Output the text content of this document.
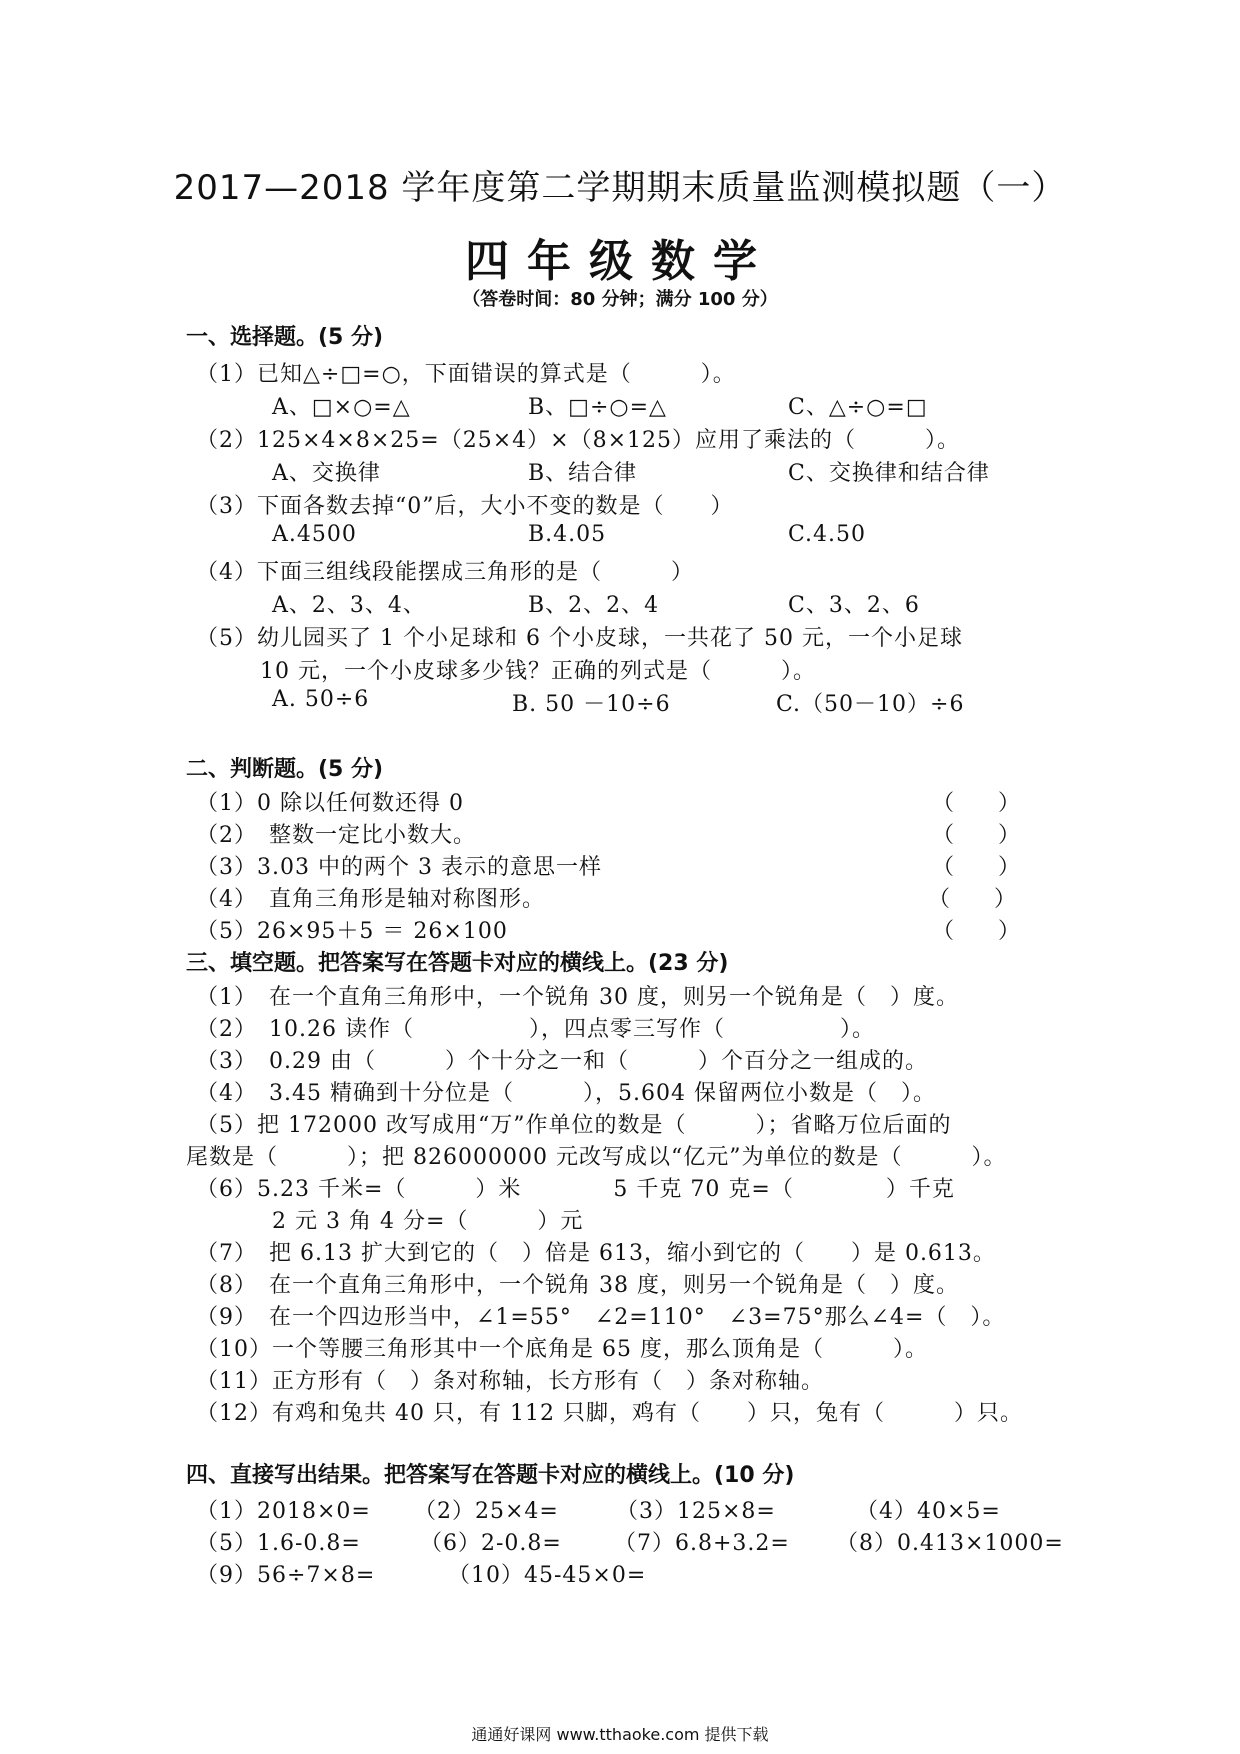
2017—2018 学年度第二学期期末质量监测模拟题（一）
四年级数学
（答卷时间：80 分钟；满分 100 分）
一、选择题。(5 分)
（1）已知△÷□=○，下面错误的算式是（　　　）。
A、□×○=△	B、□÷○=△	C、△÷○=□
（2）125×4×8×25=（25×4）×（8×125）应用了乘法的（　　　）。
A、交换律	B、结合律	C、交换律和结合律
（3）下面各数去掉“0”后，大小不变的数是（　　）
A.4500	B.4.05	C.4.50
（4）下面三组线段能摆成三角形的是（　　　）
A、2、3、4、	B、2、2、4	C、3、2、6
（5）幼儿园买了 1 个小足球和 6 个小皮球，一共花了 50 元，一个小足球
10 元，一个小皮球多少钱？正确的列式是（　　　）。
A. 50÷6	B. 50 －10÷6	C.（50－10）÷6
二、判断题。(5 分)
（1）0 除以任何数还得 0	（　　）
（2）　整数一定比小数大。	（　　）
（3）3.03 中的两个 3 表示的意思一样	（　　）
（4）　直角三角形是轴对称图形。	（　　）
（5）26×95＋5 ＝ 26×100	（　　）
三、填空题。把答案写在答题卡对应的横线上。(23 分)
（1）　在一个直角三角形中，一个锐角 30 度，则另一个锐角是（　）度。
（2）　10.26 读作（　　　　　），四点零三写作（　　　　　）。
（3）　0.29 由（　　　）个十分之一和（　　　）个百分之一组成的。
（4）　3.45 精确到十分位是（　　　），5.604 保留两位小数是（　）。
（5）把 172000 改写成用“万”作单位的数是（　　　）；省略万位后面的
尾数是（　　　）；把 826000000 元改写成以“亿元”为单位的数是（　　　）。
（6）5.23 千米=（　　　）米　　　　5 千克 70 克=（　　　　）千克
2 元 3 角 4 分=（　　　）元
（7）　把 6.13 扩大到它的（　）倍是 613，缩小到它的（　　）是 0.613。
（8）　在一个直角三角形中，一个锐角 38 度，则另一个锐角是（　）度。
（9）　在一个四边形当中，∠1=55°　∠2=110°　∠3=75°那么∠4=（　）。
（10）一个等腰三角形其中一个底角是 65 度，那么顶角是（　　　）。
（11）正方形有（　）条对称轴，长方形有（　）条对称轴。
（12）有鸡和兔共 40 只，有 112 只脚，鸡有（　　）只，兔有（　　　）只。
四、直接写出结果。把答案写在答题卡对应的横线上。(10 分)
（1）2018×0= （2）25×4=	（3）125×8=	（4）40×5=
（5）1.6-0.8=	（6）2-0.8= （7）6.8+3.2= （8）0.413×1000=
（9）56÷7×8=	（10）45-45×0=
通通好课网 www.tthaoke.com 提供下载
